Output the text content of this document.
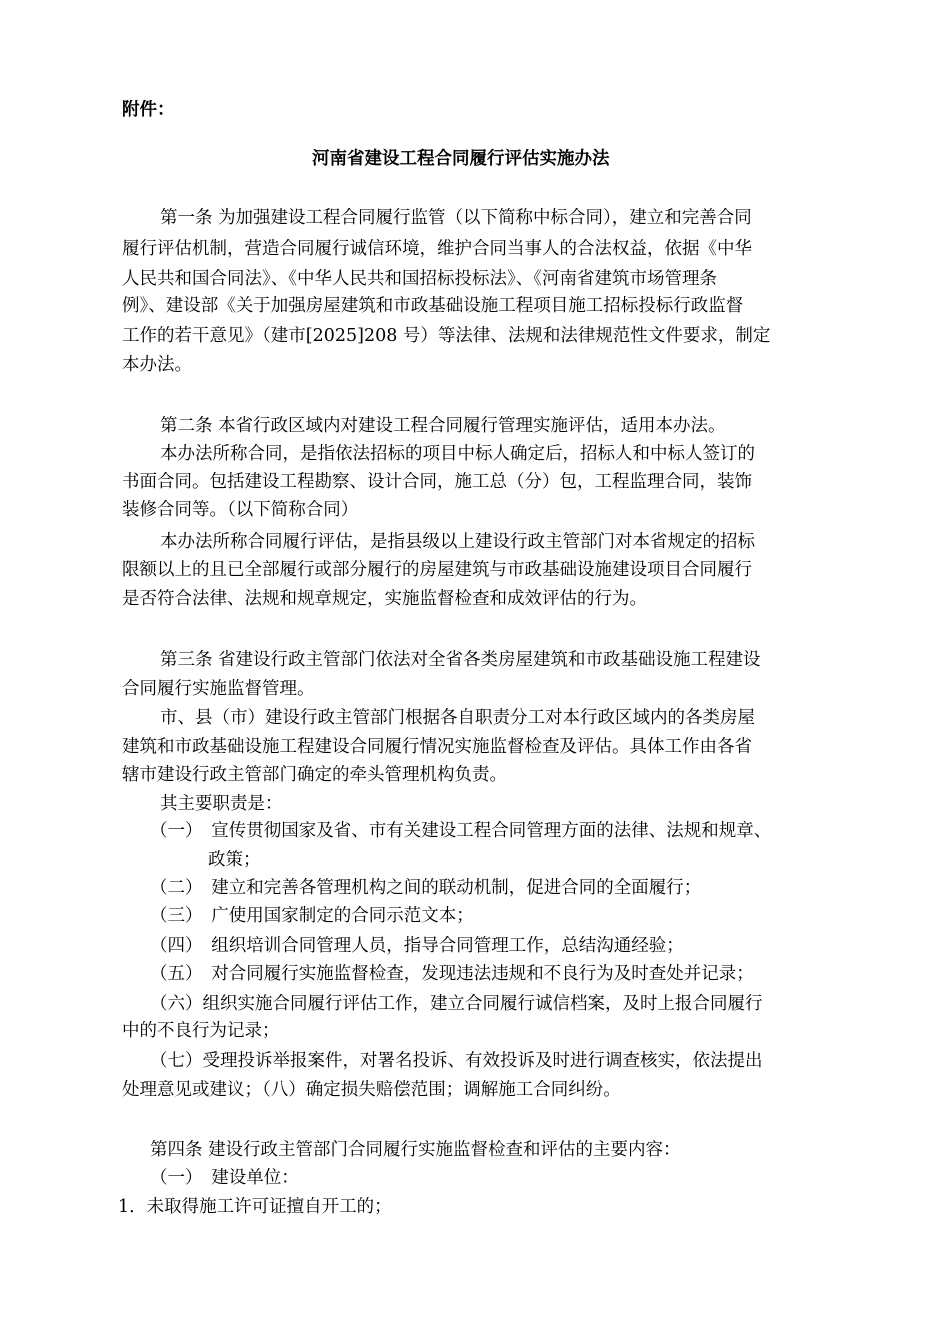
附件：
河南省建设工程合同履行评估实施办法
第一条 为加强建设工程合同履行监管（以下简称中标合同），建立和完善合同
履行评估机制，营造合同履行诚信环境，维护合同当事人的合法权益，依据《中华
人民共和国合同法》、《中华人民共和国招标投标法》、《河南省建筑市场管理条
例》、建设部《关于加强房屋建筑和市政基础设施工程项目施工招标投标行政监督
工作的若干意见》（建市[2025]208 号）等法律、法规和法律规范性文件要求，制定
本办法。
第二条 本省行政区域内对建设工程合同履行管理实施评估，适用本办法。
本办法所称合同，是指依法招标的项目中标人确定后，招标人和中标人签订的
书面合同。包括建设工程勘察、设计合同，施工总（分）包，工程监理合同，装饰
装修合同等。（以下简称合同）
本办法所称合同履行评估，是指县级以上建设行政主管部门对本省规定的招标
限额以上的且已全部履行或部分履行的房屋建筑与市政基础设施建设项目合同履行
是否符合法律、法规和规章规定，实施监督检查和成效评估的行为。
第三条 省建设行政主管部门依法对全省各类房屋建筑和市政基础设施工程建设
合同履行实施监督管理。
市、县（市）建设行政主管部门根据各自职责分工对本行政区域内的各类房屋
建筑和市政基础设施工程建设合同履行情况实施监督检查及评估。具体工作由各省
辖市建设行政主管部门确定的牵头管理机构负责。
其主要职责是：
（一）　宣传贯彻国家及省、市有关建设工程合同管理方面的法律、法规和规章、
政策；
（二）　建立和完善各管理机构之间的联动机制，促进合同的全面履行；
（三）　广使用国家制定的合同示范文本；
（四）　组织培训合同管理人员，指导合同管理工作，总结沟通经验；
（五）　对合同履行实施监督检查，发现违法违规和不良行为及时查处并记录；
（六）组织实施合同履行评估工作，建立合同履行诚信档案，及时上报合同履行
中的不良行为记录；
（七）受理投诉举报案件，对署名投诉、有效投诉及时进行调查核实，依法提出
处理意见或建议；（八）确定损失赔偿范围；调解施工合同纠纷。
第四条 建设行政主管部门合同履行实施监督检查和评估的主要内容：
（一）　建设单位：
1．未取得施工许可证擅自开工的；
